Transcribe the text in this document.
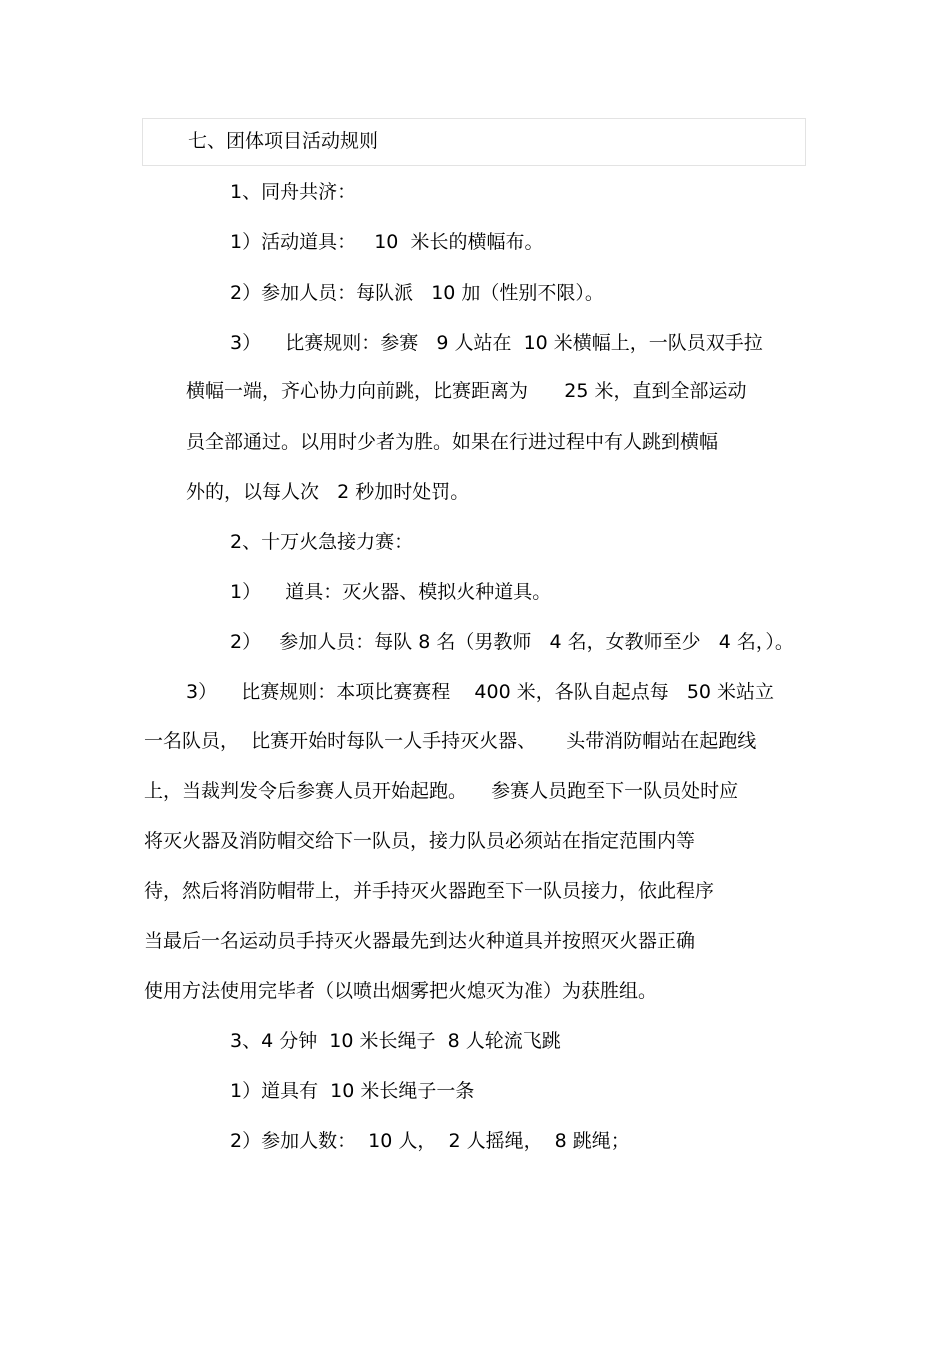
七、团体项目活动规则
1、同舟共济：
1）活动道具：   10  米长的横幅布。
2）参加人员：每队派   10 加（性别不限）。
3）    比赛规则：参赛   9 人站在  10 米横幅上，一队员双手拉
横幅一端，齐心协力向前跳，比赛距离为      25 米，直到全部运动
员全部通过。以用时少者为胜。如果在行进过程中有人跳到横幅
外的，以每人次   2 秒加时处罚。
2、十万火急接力赛：
1）    道具：灭火器、模拟火种道具。
2）   参加人员：每队 8 名（男教师   4 名，女教师至少   4 名，）。
3）    比赛规则：本项比赛赛程    400 米，各队自起点每   50 米站立
一名队员，  比赛开始时每队一人手持灭火器、     头带消防帽站在起跑线
上，当裁判发令后参赛人员开始起跑。    参赛人员跑至下一队员处时应
将灭火器及消防帽交给下一队员，接力队员必须站在指定范围内等
待，然后将消防帽带上，并手持灭火器跑至下一队员接力，依此程序
当最后一名运动员手持灭火器最先到达火种道具并按照灭火器正确
使用方法使用完毕者（以喷出烟雾把火熄灭为准）为获胜组。
3、4 分钟  10 米长绳子  8 人轮流飞跳
1）道具有  10 米长绳子一条
2）参加人数：  10 人，  2 人摇绳，  8 跳绳；
